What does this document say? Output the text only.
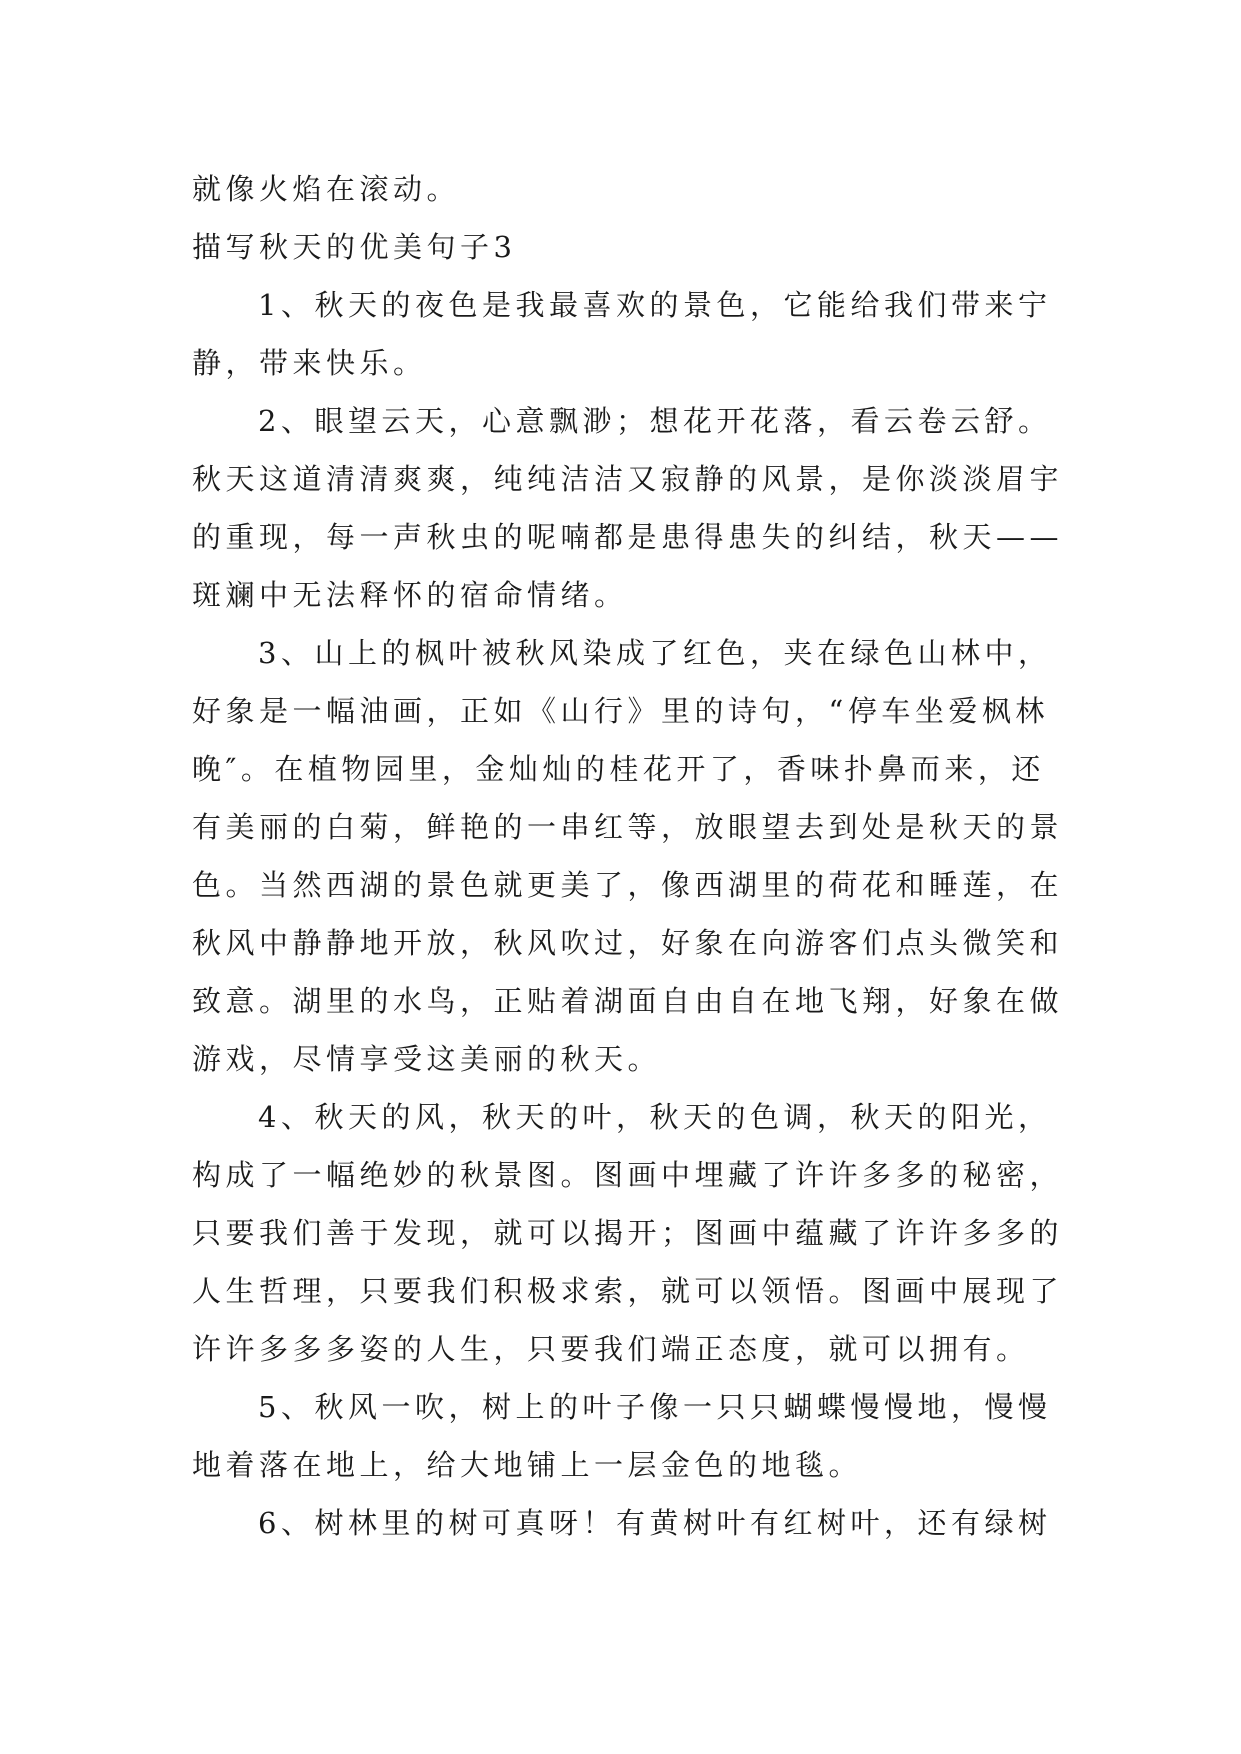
就像火焰在滚动。

描写秋天的优美句子3

1、秋天的夜色是我最喜欢的景色，它能给我们带来宁
静，带来快乐。

2、眼望云天，心意飘渺；想花开花落，看云卷云舒。
秋天这道清清爽爽，纯纯洁洁又寂静的风景，是你淡淡眉宇
的重现，每一声秋虫的呢喃都是患得患失的纠结，秋天——
斑斓中无法释怀的宿命情绪。

3、山上的枫叶被秋风染成了红色，夹在绿色山林中，
好象是一幅油画，正如《山行》里的诗句，“停车坐爱枫林
晚″。在植物园里，金灿灿的桂花开了，香味扑鼻而来，还
有美丽的白菊，鲜艳的一串红等，放眼望去到处是秋天的景
色。当然西湖的景色就更美了，像西湖里的荷花和睡莲，在
秋风中静静地开放，秋风吹过，好象在向游客们点头微笑和
致意。湖里的水鸟，正贴着湖面自由自在地飞翔，好象在做
游戏，尽情享受这美丽的秋天。

4、秋天的风，秋天的叶，秋天的色调，秋天的阳光，
构成了一幅绝妙的秋景图。图画中埋藏了许许多多的秘密，
只要我们善于发现，就可以揭开；图画中蕴藏了许许多多的
人生哲理，只要我们积极求索，就可以领悟。图画中展现了
许许多多多姿的人生，只要我们端正态度，就可以拥有。

5、秋风一吹，树上的叶子像一只只蝴蝶慢慢地，慢慢
地着落在地上，给大地铺上一层金色的地毯。

6、树林里的树可真呀！有黄树叶有红树叶，还有绿树
